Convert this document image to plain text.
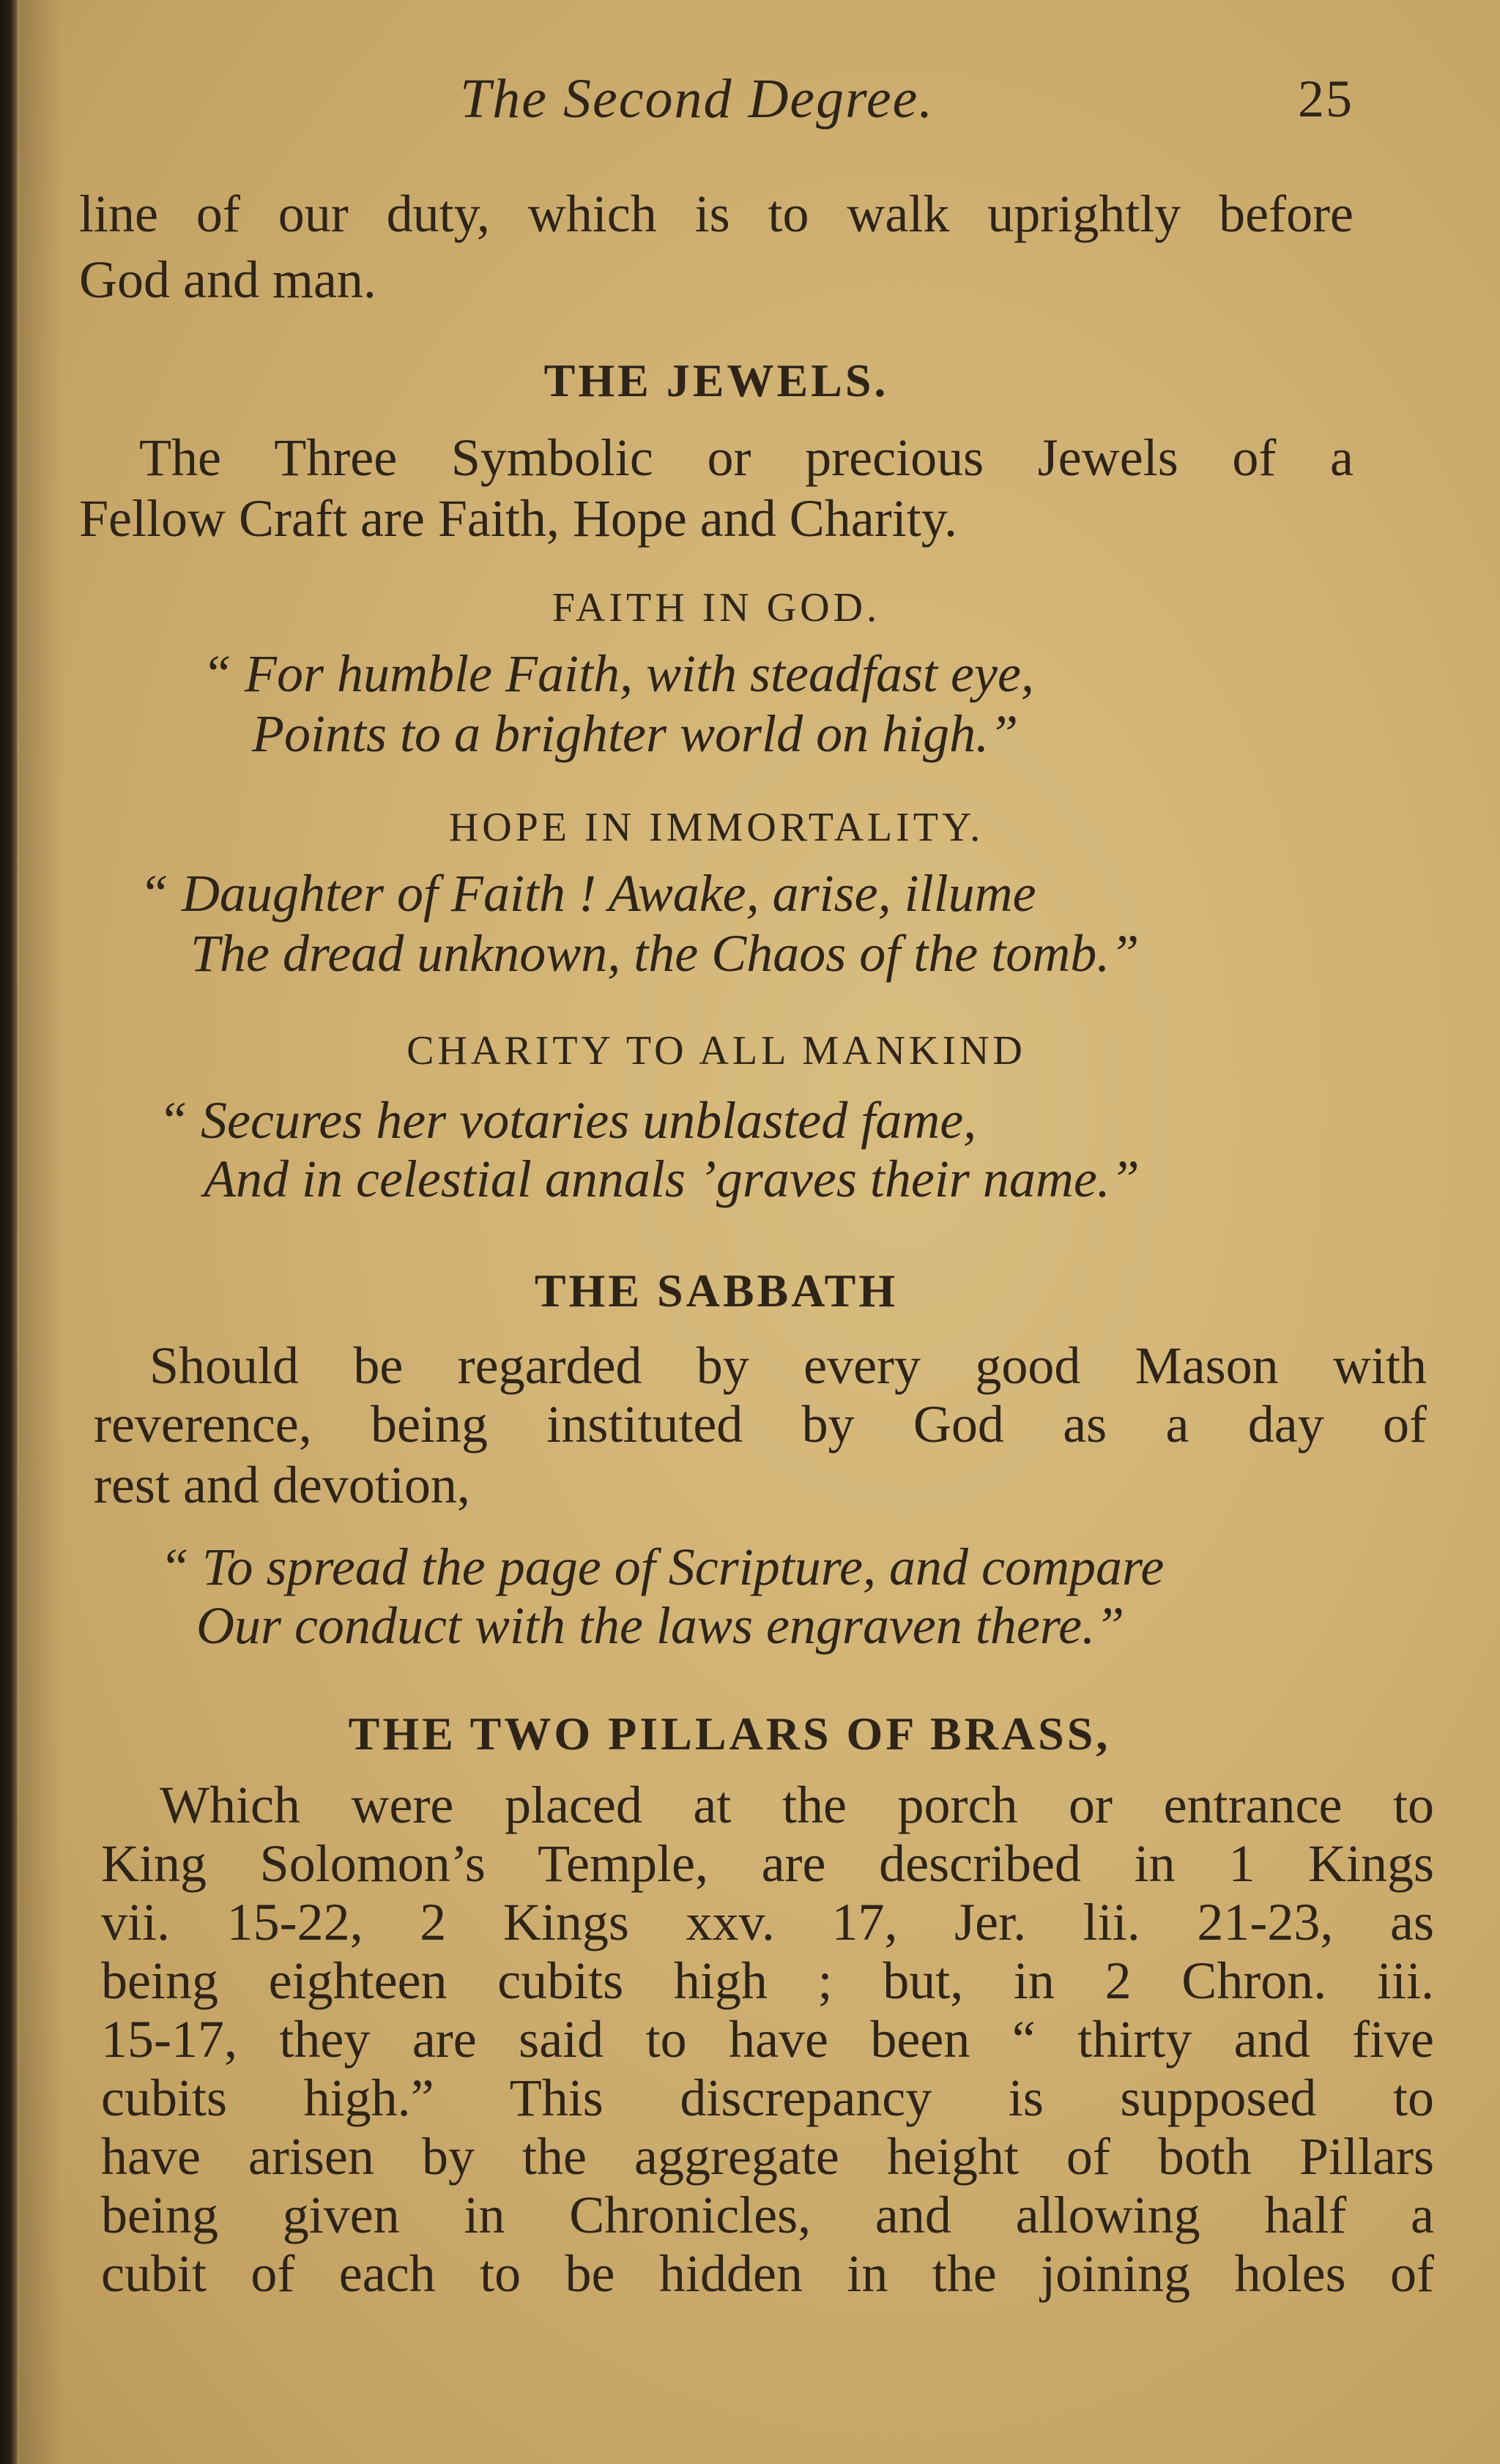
The Second Degree.	25
line of our duty, which is to walk uprightly before
God and man.
THE JEWELS.
The Three Symbolic or precious Jewels of a
Fellow Craft are Faith, Hope and Charity.
FAITH IN GOD.
“ For humble Faith, with steadfast eye,
Points to a brighter world on high.”
HOPE IN IMMORTALITY.
“ Daughter of Faith ! Awake, arise, illume
The dread unknown, the Chaos of the tomb.”
CHARITY TO ALL MANKIND
“ Secures her votaries unblasted fame,
And in celestial annals ’graves their name.”
THE SABBATH
Should be regarded by every good Mason with
reverence, being instituted by God as a day of
rest and devotion,
“ To spread the page of Scripture, and compare
Our conduct with the laws engraven there.”
THE TWO PILLARS OF BRASS,
Which were placed at the porch or entrance to
King Solomon’s Temple, are described in 1 Kings
vii. 15-22, 2 Kings xxv. 17, Jer. lii. 21-23, as
being eighteen cubits high ; but, in 2 Chron. iii.
15-17, they are said to have been “ thirty and five
cubits high.” This discrepancy is supposed to
have arisen by the aggregate height of both Pillars
being given in Chronicles, and allowing half a
cubit of each to be hidden in the joining holes of
